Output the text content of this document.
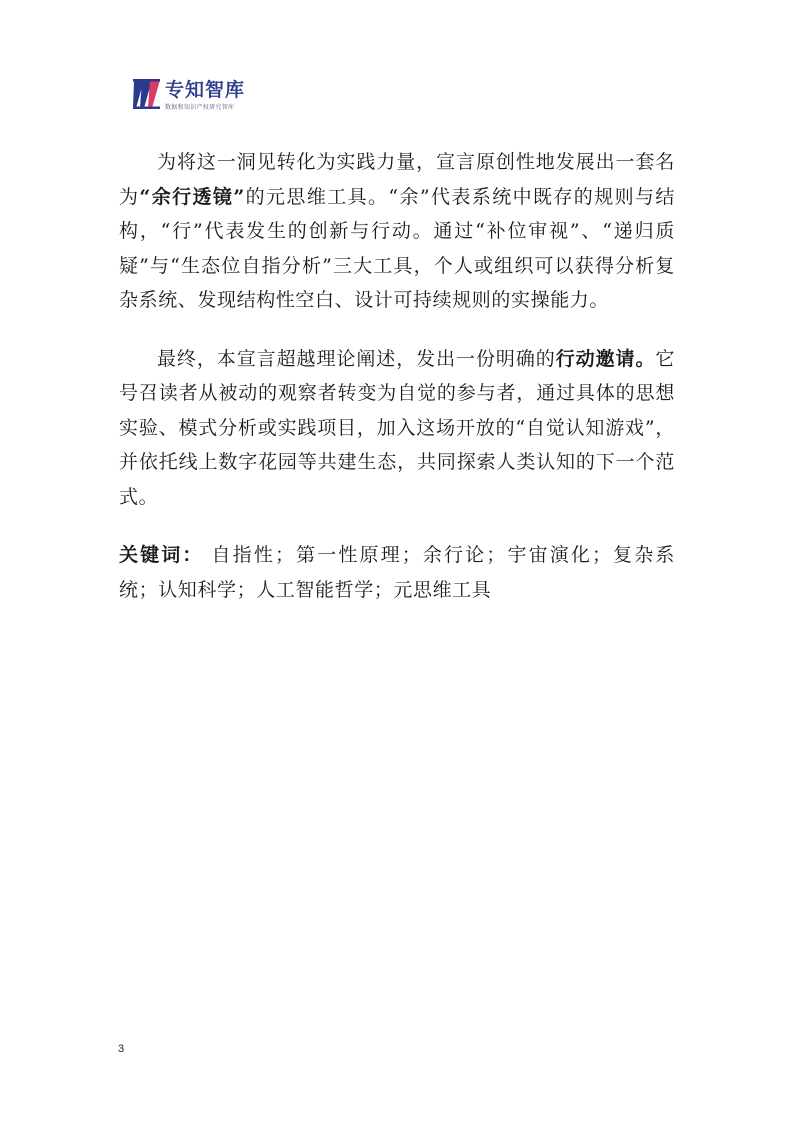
专知智库
数据和知识产权研究智库

为将这一洞见转化为实践力量，宣言原创性地发展出一套名为“余行透镜”的元思维工具。“余”代表系统中既存的规则与结构，“行”代表发生的创新与行动。通过“补位审视”、“递归质疑”与“生态位自指分析”三大工具，个人或组织可以获得分析复杂系统、发现结构性空白、设计可持续规则的实操能力。

最终，本宣言超越理论阐述，发出一份明确的行动邀请。它号召读者从被动的观察者转变为自觉的参与者，通过具体的思想实验、模式分析或实践项目，加入这场开放的“自觉认知游戏”，并依托线上数字花园等共建生态，共同探索人类认知的下一个范式。

关键词： 自指性；第一性原理；余行论；宇宙演化；复杂系统；认知科学；人工智能哲学；元思维工具

3
